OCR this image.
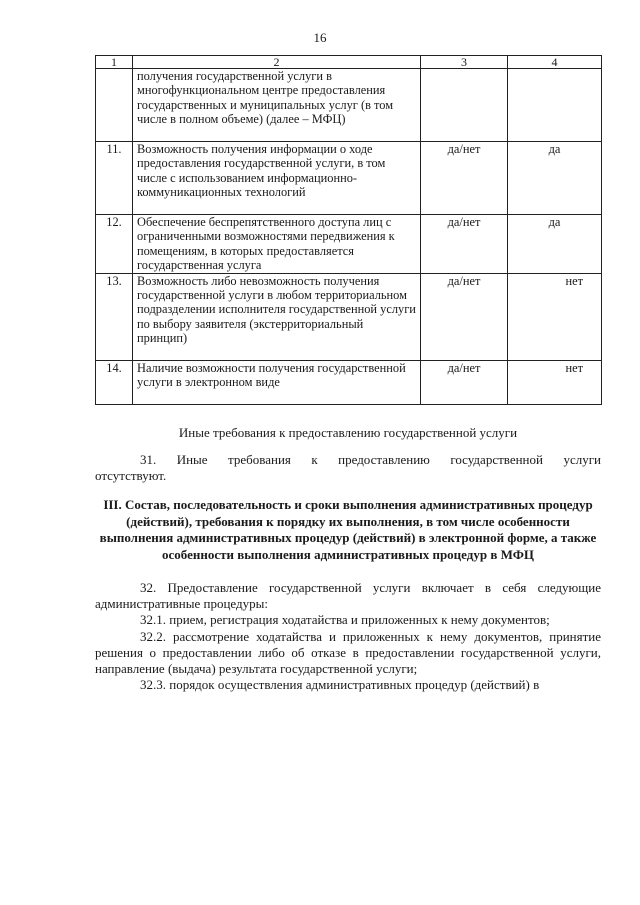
16
1	2	3	4
	получения государственной услуги в многофункциональном центре предоставления государственных и муниципальных услуг (в том числе в полном объеме) (далее – МФЦ)		
11.	Возможность получения информации о ходе предоставления государственной услуги, в том числе с использованием информационно-коммуникационных технологий	да/нет	да
12.	Обеспечение беспрепятственного доступа лиц с ограниченными возможностями передвижения к помещениям, в которых предоставляется государственная услуга	да/нет	да
13.	Возможность либо невозможность получения государственной услуги в любом территориальном подразделении исполнителя государственной услуги по выбору заявителя (экстерриториальный принцип)	да/нет	нет
14.	Наличие возможности получения государственной услуги в электронном виде	да/нет	нет
Иные требования к предоставлению государственной услуги
31. Иные требования к предоставлению государственной услуги
отсутствуют.
III. Состав, последовательность и сроки выполнения административных процедур (действий), требования к порядку их выполнения, в том числе особенности выполнения административных процедур (действий) в электронной форме, а также особенности выполнения административных процедур в МФЦ

32. Предоставление государственной услуги включает в себя следующие административные процедуры:

32.1. прием, регистрация ходатайства и приложенных к нему документов;

32.2. рассмотрение ходатайства и приложенных к нему документов, принятие решения о предоставлении либо об отказе в предоставлении государственной услуги, направление (выдача) результата государственной услуги;

32.3. порядок осуществления административных процедур (действий) в
